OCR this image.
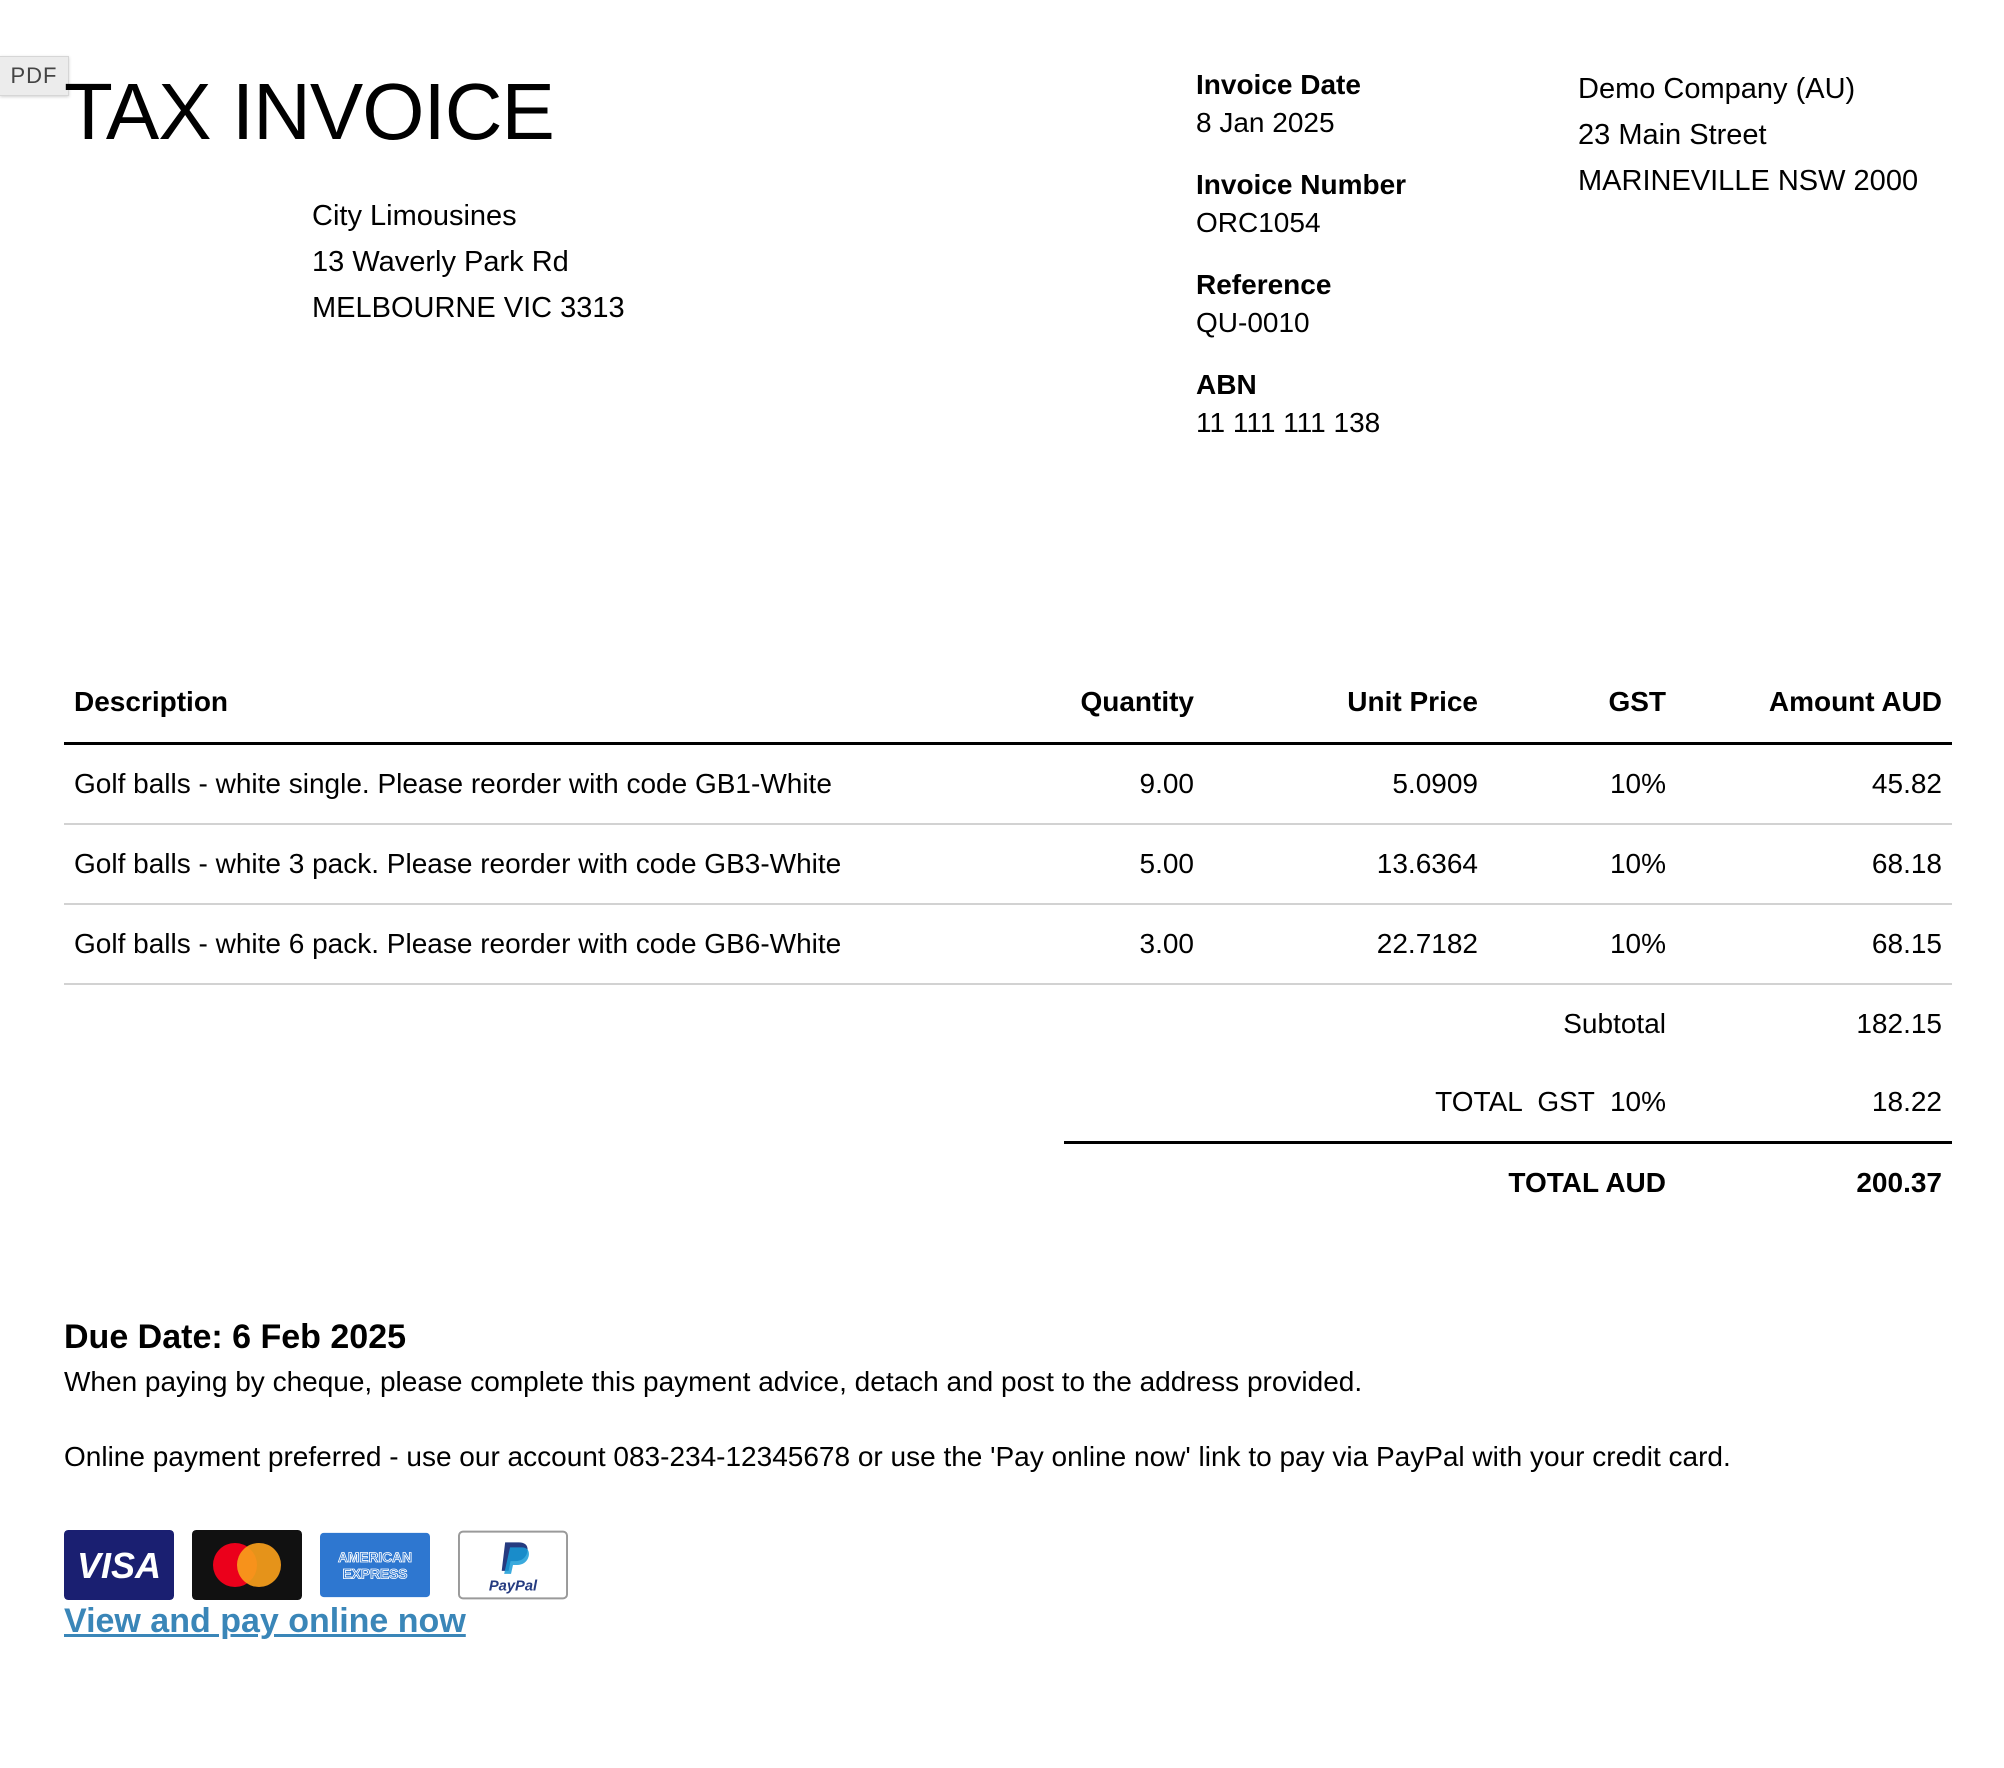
PDF TAX INVOICE
City Limousines
13 Waverly Park Rd
MELBOURNE VIC 3313
Invoice Date
8 Jan 2025
Invoice Number
ORC1054
Reference
QU-0010
ABN
11 111 111 138
Demo Company (AU)
23 Main Street
MARINEVILLE NSW 2000
Description	Quantity	Unit Price	GST	Amount AUD
Golf balls - white single. Please reorder with code GB1-White	9.00	5.0909	10%	45.82
Golf balls - white 3 pack. Please reorder with code GB3-White	5.00	13.6364	10%	68.18
Golf balls - white 6 pack. Please reorder with code GB6-White	3.00	22.7182	10%	68.15
		Subtotal		182.15
		TOTAL  GST  10%		18.22
		TOTAL AUD		200.37
Due Date: 6 Feb 2025
When paying by cheque, please complete this payment advice, detach and post to the address provided.
Online payment preferred - use our account 083-234-12345678 or use the 'Pay online now' link to pay via PayPal with your credit card.
VISA	AMERICAN
EXPRESS
PayPal
View and pay online now
